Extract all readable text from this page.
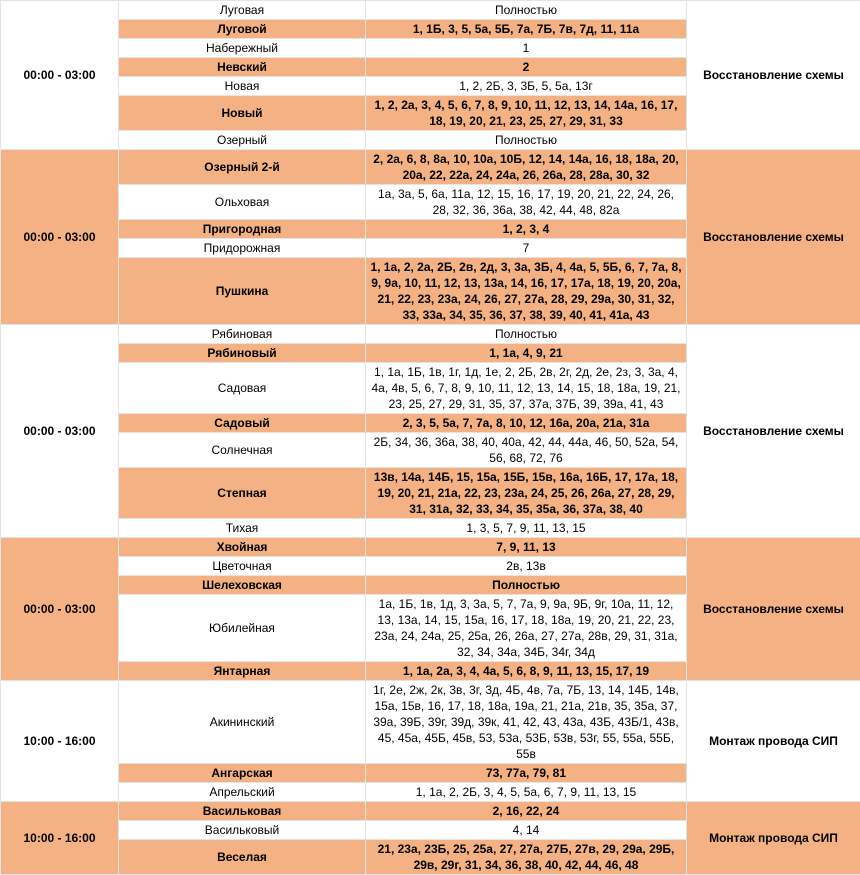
00:00 - 03:00	Луговая	Полностью	Восстановление схемы
	Луговой	1, 1Б, 3, 5, 5а, 5Б, 7а, 7Б, 7в, 7д, 11, 11а	
	Набережный	1	
	Невский	2	
	Новая	1, 2, 2Б, 3, 3Б, 5, 5а, 13г	
	Новый	1, 2, 2а, 3, 4, 5, 6, 7, 8, 9, 10, 11, 12, 13, 14, 14а, 16, 17, 18, 19, 20, 21, 23, 25, 27, 29, 31, 33	
	Озерный	Полностью	
00:00 - 03:00	Озерный 2-й	2, 2а, 6, 8, 8а, 10, 10а, 10Б, 12, 14, 14а, 16, 18, 18а, 20, 20а, 22, 22а, 24, 24а, 26, 26а, 28, 28а, 30, 32	Восстановление схемы
	Ольховая	1а, 3а, 5, 6а, 11а, 12, 15, 16, 17, 19, 20, 21, 22, 24, 26, 28, 32, 36, 36а, 38, 42, 44, 48, 82а	
	Пригородная	1, 2, 3, 4	
	Придорожная	7	
	Пушкина	1, 1а, 2, 2а, 2Б, 2в, 2д, 3, 3а, 3Б, 4, 4а, 5, 5Б, 6, 7, 7а, 8, 9, 9а, 10, 11, 12, 13, 13а, 14, 16, 17, 17а, 18, 19, 20, 20а, 21, 22, 23, 23а, 24, 26, 27, 27а, 28, 29, 29а, 30, 31, 32, 33, 33а, 34, 35, 36, 37, 38, 39, 40, 41, 41а, 43	
00:00 - 03:00	Рябиновая	Полностью	Восстановление схемы
	Рябиновый	1, 1а, 4, 9, 21	
	Садовая	1, 1а, 1Б, 1в, 1г, 1д, 1е, 2, 2Б, 2в, 2г, 2д, 2е, 2з, 3, 3а, 4, 4а, 4в, 5, 6, 7, 8, 9, 10, 11, 12, 13, 14, 15, 18, 18а, 19, 21, 23, 25, 27, 29, 31, 35, 37, 37а, 37Б, 39, 39а, 41, 43	
	Садовый	2, 3, 5, 5а, 7, 7а, 8, 10, 12, 16а, 20а, 21а, 31а	
	Солнечная	2Б, 34, 36, 36а, 38, 40, 40а, 42, 44, 44а, 46, 50, 52а, 54, 56, 68, 72, 76	
	Степная	13в, 14а, 14Б, 15, 15а, 15Б, 15в, 16а, 16Б, 17, 17а, 18, 19, 20, 21, 21а, 22, 23, 23а, 24, 25, 26, 26а, 27, 28, 29, 31, 31а, 32, 33, 34, 35, 35а, 36, 37а, 38, 40	
	Тихая	1, 3, 5, 7, 9, 11, 13, 15	
00:00 - 03:00	Хвойная	7, 9, 11, 13	Восстановление схемы
	Цветочная	2в, 13в	
	Шелеховская	Полностью	
	Юбилейная	1а, 1Б, 1в, 1д, 3, 3а, 5, 7, 7а, 9, 9а, 9Б, 9г, 10а, 11, 12, 13, 13а, 14, 15, 15а, 16, 17, 18, 18а, 19, 20, 21, 22, 23, 23а, 24, 24а, 25, 25а, 26, 26а, 27, 27а, 28в, 29, 31, 31а, 32, 34, 34а, 34Б, 34г, 34д	
	Янтарная	1, 1а, 2а, 3, 4, 4а, 5, 6, 8, 9, 11, 13, 15, 17, 19	
10:00 - 16:00	Акининский	1г, 2е, 2ж, 2к, 3в, 3г, 3д, 4Б, 4в, 7а, 7Б, 13, 14, 14Б, 14в, 15а, 15в, 16, 17, 18, 18а, 19а, 21, 21а, 21в, 35, 35а, 37, 39а, 39Б, 39г, 39д, 39к, 41, 42, 43, 43а, 43Б, 43Б/1, 43в, 45, 45а, 45Б, 45в, 53, 53а, 53Б, 53в, 53г, 55, 55а, 55Б, 55в	Монтаж провода СИП
	Ангарская	73, 77а, 79, 81	
	Апрельский	1, 1а, 2, 2Б, 3, 4, 5, 5а, 6, 7, 9, 11, 13, 15	
10:00 - 16:00	Васильковая	2, 16, 22, 24	Монтаж провода СИП
	Васильковый	4, 14	
	Веселая	21, 23а, 23Б, 25, 25а, 27, 27а, 27Б, 27в, 29, 29а, 29Б, 29в, 29г, 31, 34, 36, 38, 40, 42, 44, 46, 48	
